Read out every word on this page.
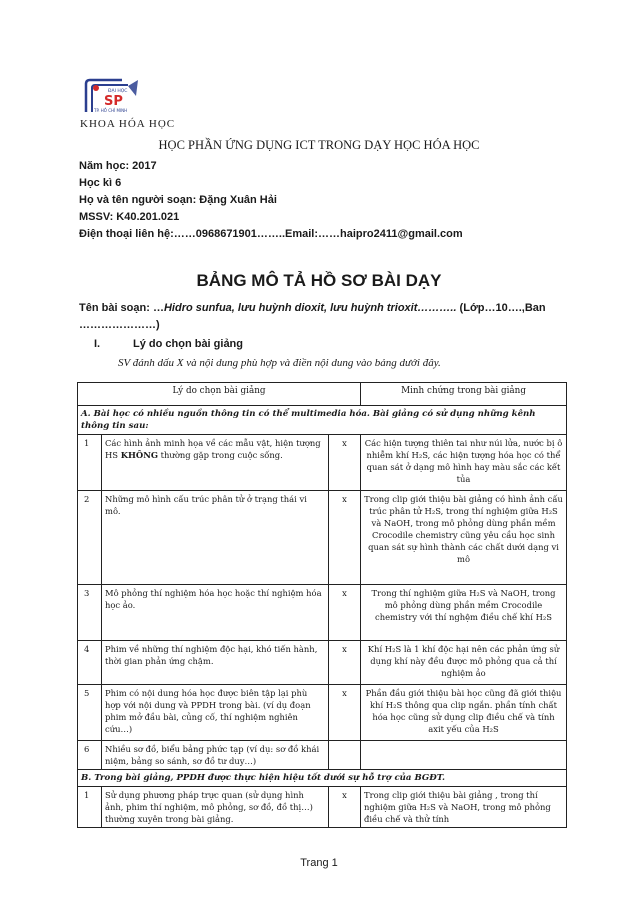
ĐẠI HỌC
SP
TP. HỒ CHÍ MINH
KHOA HÓA HỌC
HỌC PHẦN ỨNG DỤNG ICT TRONG DẠY HỌC HÓA HỌC
Năm học: 2017
Học kì 6
Họ và tên người soạn: Đặng Xuân Hải
MSSV: K40.201.021
Điện thoại liên hệ:……0968671901……..Email:……haipro2411@gmail.com
BẢNG MÔ TẢ HỒ SƠ BÀI DẠY
Tên bài soạn: …Hidro sunfua, lưu huỳnh dioxit, lưu huỳnh trioxit……….. (Lớp…10….,Ban
…………………)
I.	Lý do chọn bài giảng
SV đánh dấu X và nội dung phù hợp và điền nội dung vào bảng dưới đây.
Lý do chọn bài giảng			Minh chứng trong bài giảng
A. Bài học có nhiều nguồn thông tin có thể multimedia hóa. Bài giảng có sử dụng những kênh thông tin sau:			
1	Các hình ảnh minh họa về các mẫu vật, hiện tượng HS KHÔNG thường gặp trong cuộc sống.	x	Các hiện tượng thiên tai như núi lửa, nước bị ô nhiễm khí H₂S, các hiện tượng hóa học có thể quan sát ở dạng mô hình hay màu sắc các kết tủa
2	Những mô hình cấu trúc phân tử ở trạng thái vi mô.	x	Trong clip giới thiệu bài giảng có hình ảnh cấu trúc phân tử H₂S, trong thí nghiệm giữa H₂S và NaOH, trong mô phỏng dùng phần mềm Crocodile chemistry cũng yêu cầu học sinh quan sát sự hình thành các chất dưới dạng vi mô
3	Mô phỏng thí nghiệm hóa học hoặc thí nghiệm hóa học ảo.	x	Trong thí nghiệm giữa H₂S và NaOH, trong mô phỏng dùng phần mềm Crocodile chemistry với thí nghệm điều chế khí H₂S
4	Phim về những thí nghiệm độc hại, khó tiến hành, thời gian phản ứng chậm.	x	Khí H₂S là 1 khí độc hại nên các phản ứng sử dụng khí này đều được mô phỏng qua cả thí nghiệm ảo
5	Phim có nội dung hóa học được biên tập lại phù hợp với nội dung và PPDH trong bài. (ví dụ đoạn phim mở đầu bài, củng cố, thí nghiệm nghiên cứu…)	x	Phần đầu giới thiệu bài học cũng đã giới thiệu khí H₂S thông qua clip ngắn. phần tính chất hóa học cũng sử dụng clip điều chế và tính axit yếu của H₂S
6	Nhiều sơ đồ, biểu bảng phức tạp (ví dụ: sơ đồ khái niệm, bảng so sánh, sơ đồ tư duy…)		
B. Trong bài giảng, PPDH được thực hiện hiệu tốt dưới sự hỗ trợ của BGĐT.			
1	Sử dụng phương pháp trực quan (sử dụng hình ảnh, phim thí nghiệm, mô phỏng, sơ đồ, đồ thị…) thường xuyên trong bài giảng.	x	Trong clip giới thiệu bài giảng , trong thí nghiệm giữa H₂S và NaOH, trong mô phỏng điều chế và thử tính
Trang 1
